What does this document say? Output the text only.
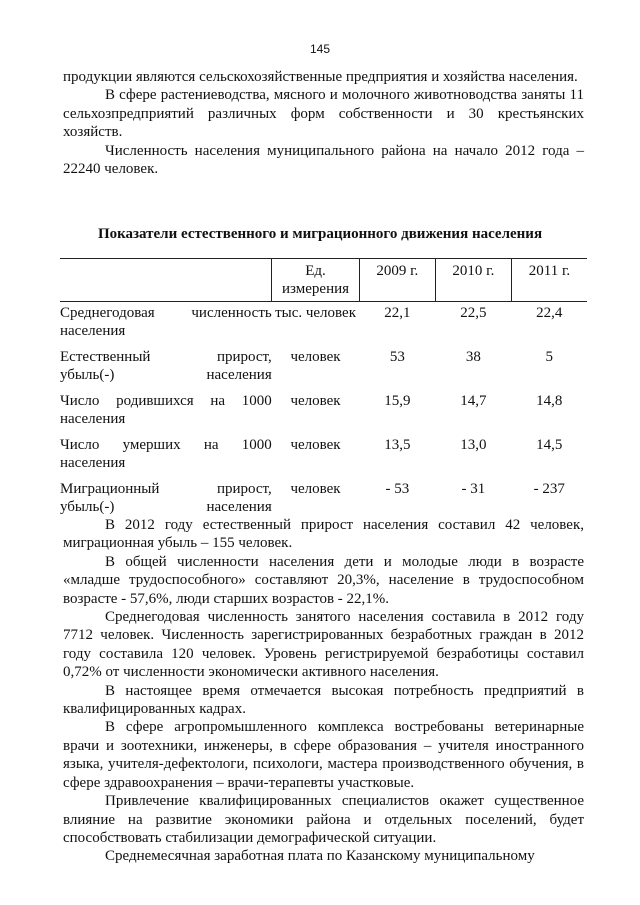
145

продукции являются сельскохозяйственные предприятия и хозяйства населения.

В сфере растениеводства, мясного и молочного животноводства заняты 11 сельхозпредприятий различных форм собственности и 30 крестьянских хозяйств.

Численность населения муниципального района на начало 2012 года – 22240 человек.

Показатели естественного и миграционного движения населения
	Ед. измерения	2009 г.	2010 г.	2011 г.

Среднегодовая численность
населения	тыс. человек	22,1	22,5	22,4

Естественный прирост,
убыль(-) населения	человек	53	38	5

Число родившихся на 1000
населения	человек	15,9	14,7	14,8

Число умерших на 1000
населения	человек	13,5	13,0	14,5

Миграционный прирост,
убыль(-) населения	человек	- 53	- 31	- 237

В 2012 году естественный прирост населения составил 42 человек, миграционная убыль – 155 человек.

В общей численности населения дети и молодые люди в возрасте «младше трудоспособного» составляют 20,3%, население в трудоспособном возрасте - 57,6%, люди старших возрастов - 22,1%.

Среднегодовая численность занятого населения составила в 2012 году 7712 человек. Численность зарегистрированных безработных граждан в 2012 году составила 120 человек. Уровень регистрируемой безработицы составил 0,72% от численности экономически активного населения.

В настоящее время отмечается высокая потребность предприятий в квалифицированных кадрах.

В сфере агропромышленного комплекса востребованы ветеринарные врачи и зоотехники, инженеры, в сфере образования – учителя иностранного языка, учителя-дефектологи, психологи, мастера производственного обучения, в сфере здравоохранения – врачи-терапевты участковые.

Привлечение квалифицированных специалистов окажет существенное влияние на развитие экономики района и отдельных поселений, будет способствовать стабилизации демографической ситуации.

Среднемесячная заработная плата по Казанскому муниципальному
